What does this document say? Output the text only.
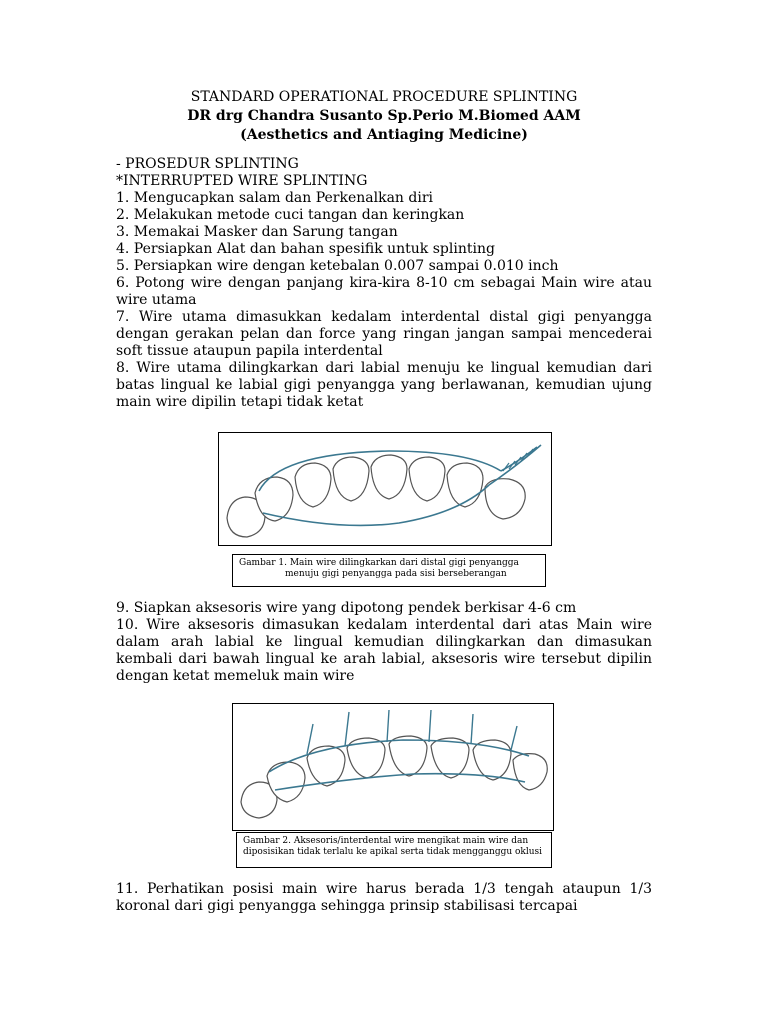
STANDARD OPERATIONAL PROCEDURE SPLINTING
DR drg Chandra Susanto Sp.Perio M.Biomed AAM
(Aesthetics and Antiaging Medicine)

- PROSEDUR SPLINTING

*INTERRUPTED WIRE SPLINTING

1. Mengucapkan salam dan Perkenalkan diri

2. Melakukan metode cuci tangan dan keringkan

3. Memakai Masker dan Sarung tangan

4. Persiapkan Alat dan bahan spesifik untuk splinting

5. Persiapkan wire dengan ketebalan 0.007 sampai 0.010 inch

6. Potong wire dengan panjang kira-kira 8-10 cm sebagai Main wire atau wire utama

7. Wire utama dimasukkan kedalam interdental distal gigi penyangga dengan gerakan pelan dan force yang ringan jangan sampai mencederai soft tissue ataupun papila interdental

8. Wire utama dilingkarkan dari labial menuju ke lingual kemudian dari batas lingual ke labial gigi penyangga yang berlawanan, kemudian ujung main wire dipilin tetapi tidak ketat

Gambar 1. Main wire dilingkarkan dari distal gigi penyangga
menuju gigi penyangga pada sisi berseberangan

9. Siapkan aksesoris wire yang dipotong pendek berkisar 4-6 cm

10. Wire aksesoris dimasukan kedalam interdental dari atas Main wire dalam arah labial ke lingual kemudian dilingkarkan dan dimasukan kembali dari bawah lingual ke arah labial, aksesoris wire tersebut dipilin dengan ketat memeluk main wire

Gambar 2. Aksesoris/interdental wire mengikat main wire dan
diposisikan tidak terlalu ke apikal serta tidak mengganggu oklusi

11. Perhatikan posisi main wire harus berada 1/3 tengah ataupun 1/3 koronal dari gigi penyangga sehingga prinsip stabilisasi tercapai
